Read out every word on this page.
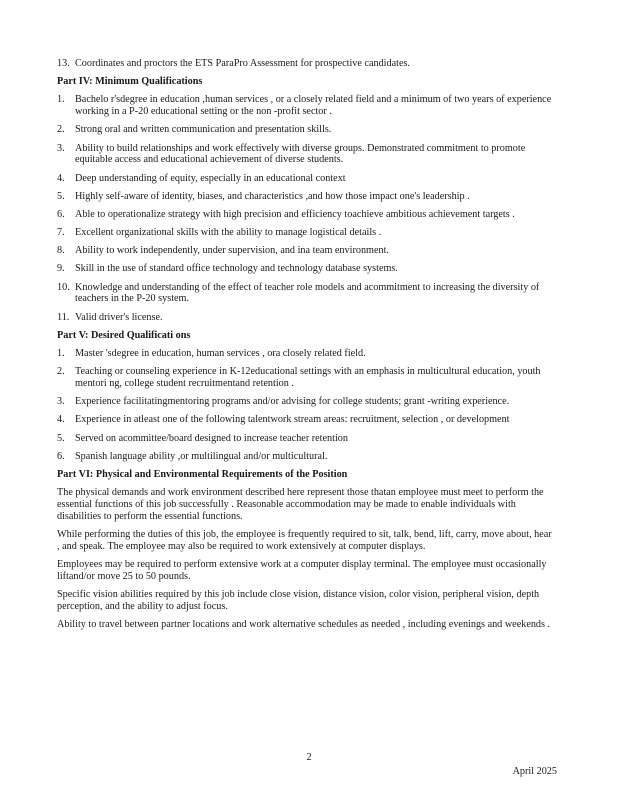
13. Coordinates and proctors the ETS ParaPro Assessment for prospective candidates.
Part IV: Minimum Qualifications
1.	Bachelo r'sdegree in education ,human services , or a closely related field and a minimum of two years of experience working in a P-20 educational setting or the non -profit sector .
2.	Strong oral and written communication and presentation skills.
3.	Ability to build relationships and work effectively with diverse groups. Demonstrated commitment to promote equitable access and educational achievement of diverse students.
4.	Deep understanding of equity, especially in an educational context
5.	Highly self-aware of identity, biases, and characteristics ,and how those impact one's leadership .
6.	Able to operationalize strategy with high precision and efficiency toachieve ambitious achievement targets .
7.	Excellent organizational skills with the ability to manage logistical details .
8.	Ability to work independently, under supervision, and ina team environment.
9.	Skill in the use of standard office technology and technology database systems.
10. Knowledge and understanding of the effect of teacher role models and acommitment to increasing the diversity of teachers in the P-20 system.
11. Valid driver's license.
Part V: Desired Qualificati ons
1.	Master 'sdegree in education, human services , ora closely related field.
2.	Teaching or counseling experience in K-12educational settings with an emphasis in multicultural education, youth mentori ng, college student recruitmentand retention .
3.	Experience facilitatingmentoring programs and/or advising for college students; grant -writing experience.
4.	Experience in atleast one of the following talentwork stream areas: recruitment, selection , or development
5.	Served on acommittee/board designed to increase teacher retention
6.	Spanish language ability ,or multilingual and/or multicultural.
Part VI: Physical and Environmental Requirements of the Position
The physical demands and work environment described here represent those thatan employee must meet to perform the essential functions of this job successfully . Reasonable accommodation may be made to enable individuals with disabilities to perform the essential functions.
While performing the duties of this job, the employee is frequently required to sit, talk, bend, lift, carry, move about, hear , and speak. The employee may also be required to work extensively at computer displays.
Employees may be required to perform extensive work at a computer display terminal. The employee must occasionally liftand/or move 25 to 50 pounds.
Specific vision abilities required by this job include close vision, distance vision, color vision, peripheral vision, depth perception, and the ability to adjust focus.
Ability to travel between partner locations and work alternative schedules as needed , including evenings and weekends .
2
April 2025
